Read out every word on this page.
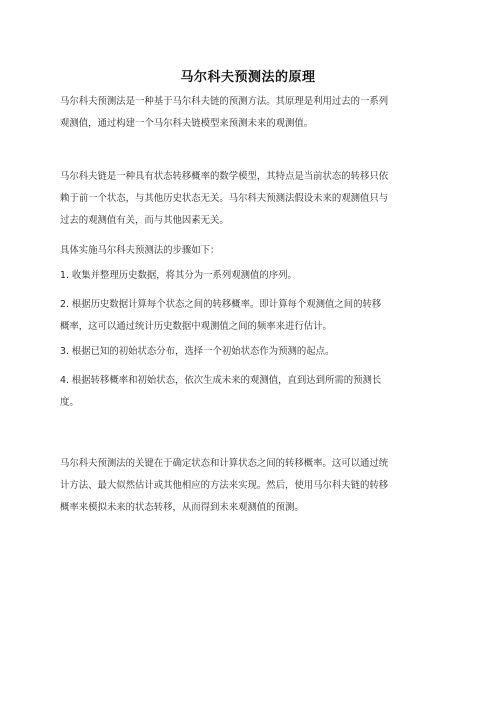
马尔科夫预测法的原理
马尔科夫预测法是一种基于马尔科夫链的预测方法。其原理是利用过去的一系列
观测值，通过构建一个马尔科夫链模型来预测未来的观测值。
马尔科夫链是一种具有状态转移概率的数学模型，其特点是当前状态的转移只依
赖于前一个状态，与其他历史状态无关。马尔科夫预测法假设未来的观测值只与
过去的观测值有关，而与其他因素无关。
具体实施马尔科夫预测法的步骤如下：
1. 收集并整理历史数据，将其分为一系列观测值的序列。
2. 根据历史数据计算每个状态之间的转移概率。即计算每个观测值之间的转移
概率，这可以通过统计历史数据中观测值之间的频率来进行估计。
3. 根据已知的初始状态分布，选择一个初始状态作为预测的起点。
4. 根据转移概率和初始状态，依次生成未来的观测值，直到达到所需的预测长
度。
马尔科夫预测法的关键在于确定状态和计算状态之间的转移概率。这可以通过统
计方法、最大似然估计或其他相应的方法来实现。然后，使用马尔科夫链的转移
概率来模拟未来的状态转移，从而得到未来观测值的预测。
